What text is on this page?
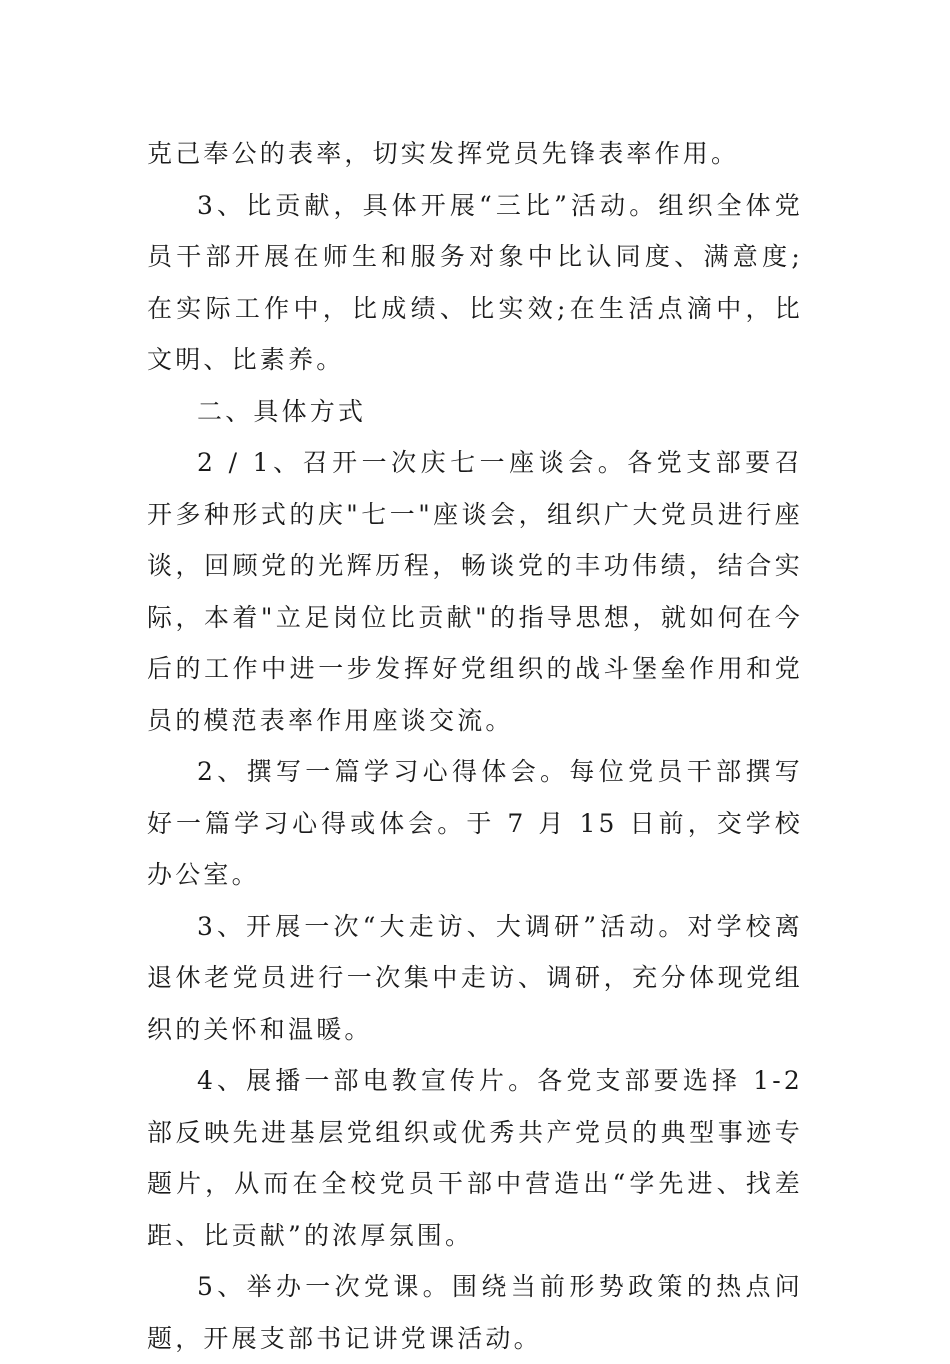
克己奉公的表率，切实发挥党员先锋表率作用。

3、比贡献，具体开展“三比”活动。组织全体党员干部开展在师生和服务对象中比认同度、满意度;在实际工作中，比成绩、比实效;在生活点滴中，比文明、比素养。

二、具体方式

2 / 1、召开一次庆七一座谈会。各党支部要召开多种形式的庆"七一"座谈会，组织广大党员进行座谈，回顾党的光辉历程，畅谈党的丰功伟绩，结合实际，本着"立足岗位比贡献"的指导思想，就如何在今后的工作中进一步发挥好党组织的战斗堡垒作用和党员的模范表率作用座谈交流。

2、撰写一篇学习心得体会。每位党员干部撰写好一篇学习心得或体会。于 7 月 15 日前，交学校办公室。

3、开展一次“大走访、大调研”活动。对学校离退休老党员进行一次集中走访、调研，充分体现党组织的关怀和温暖。

4、展播一部电教宣传片。各党支部要选择 1-2 部反映先进基层党组织或优秀共产党员的典型事迹专题片，从而在全校党员干部中营造出“学先进、找差距、比贡献”的浓厚氛围。

5、举办一次党课。围绕当前形势政策的热点问题，开展支部书记讲党课活动。
